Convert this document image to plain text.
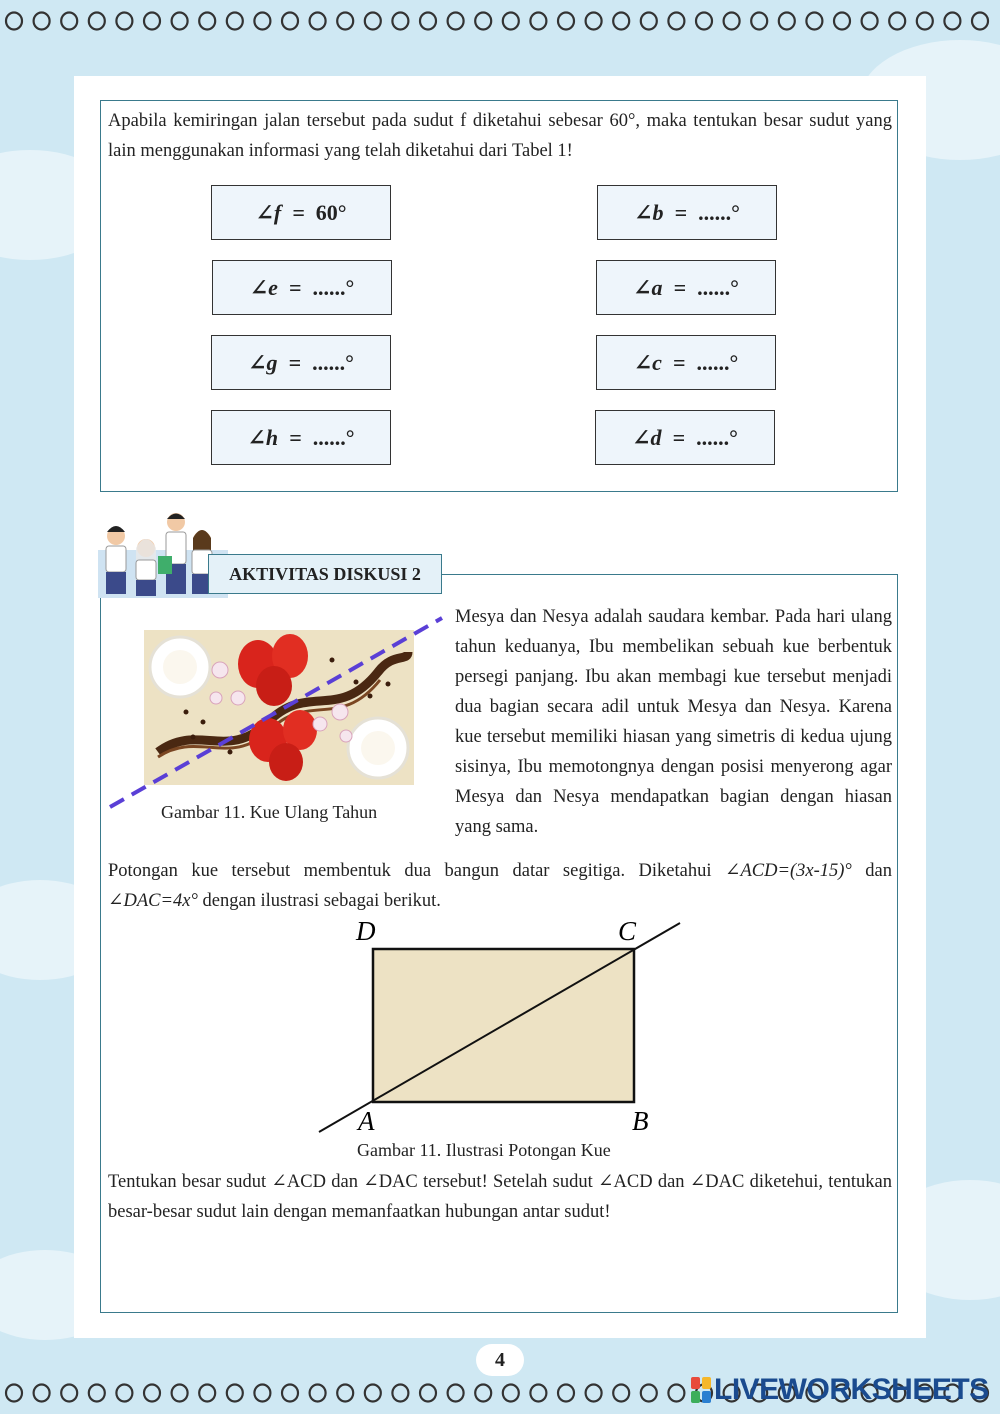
Apabila kemiringan jalan tersebut pada sudut f diketahui sebesar 60°, maka tentukan besar sudut yang lain menggunakan informasi yang telah diketahui dari Tabel 1!
∠f = 60°	∠b = ......°
∠e = ......°	∠a = ......°
∠g = ......°	∠c = ......°
∠h = ......°	∠d = ......°
AKTIVITAS DISKUSI 2
Gambar 11. Kue Ulang Tahun
Mesya dan Nesya adalah saudara kembar. Pada hari ulang tahun keduanya, Ibu membelikan sebuah kue berbentuk persegi panjang. Ibu akan membagi kue tersebut menjadi dua bagian secara adil untuk Mesya dan Nesya. Karena kue tersebut memiliki hiasan yang simetris di kedua ujung sisinya, Ibu memotongnya dengan posisi menyerong agar Mesya dan Nesya mendapatkan bagian dengan hiasan yang sama.
Potongan kue tersebut membentuk dua bangun datar segitiga. Diketahui ∠ACD=(3x-15)° dan ∠DAC=4x° dengan ilustrasi sebagai berikut.
D	C
A	B
Gambar 11. Ilustrasi Potongan Kue
Tentukan besar sudut ∠ACD dan ∠DAC tersebut! Setelah sudut ∠ACD dan ∠DAC diketehui, tentukan besar-besar sudut lain dengan memanfaatkan hubungan antar sudut!
4
LIVEWORKSHEETS
